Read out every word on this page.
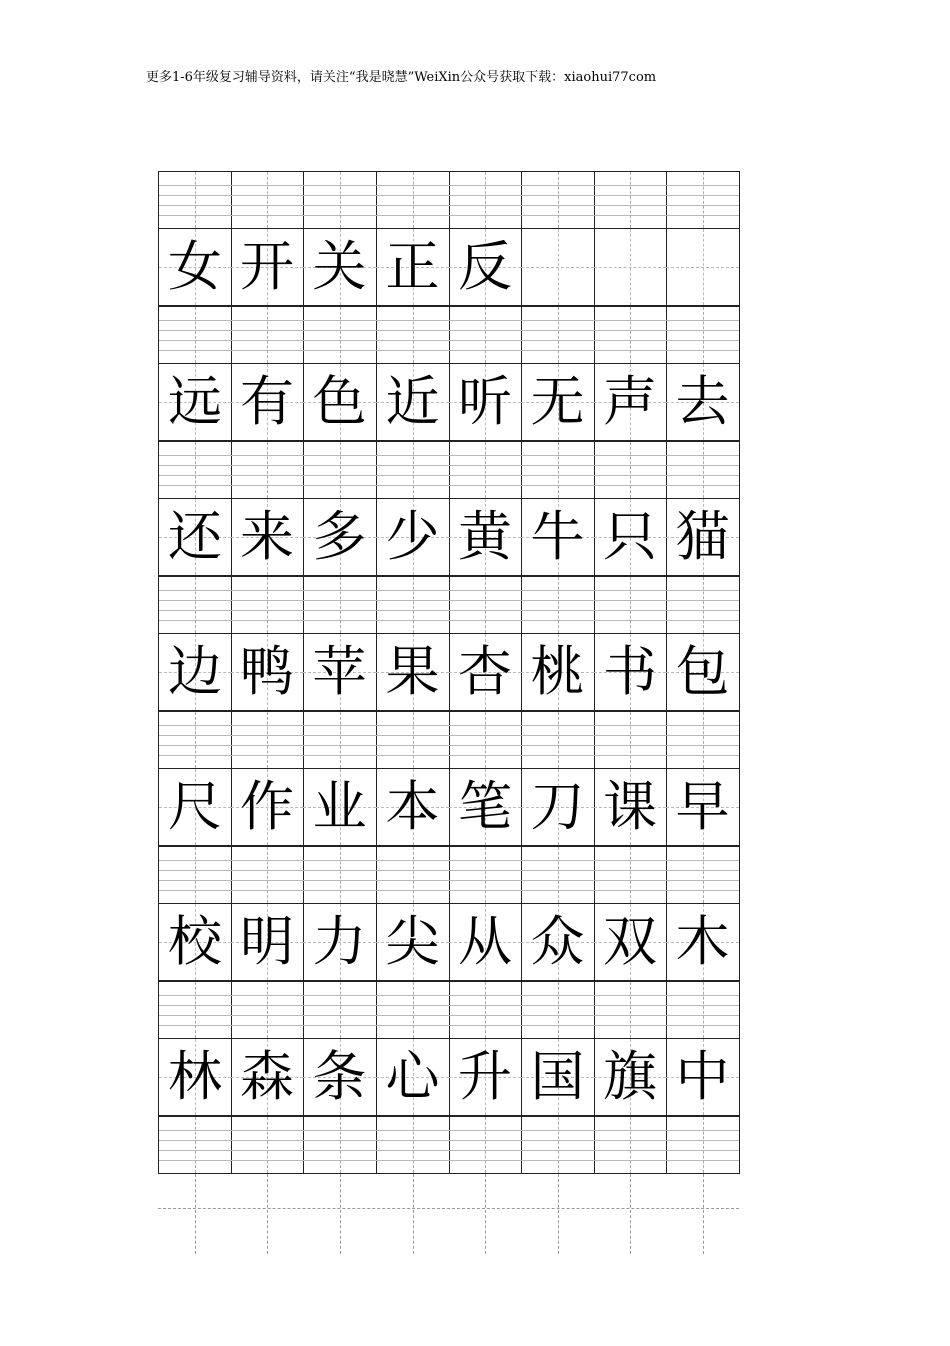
更多1-6年级复习辅导资料，请关注“我是晓慧”WeiXin公众号获取下载：xiaohui77com
女 开 关 正 反
远 有 色 近 听 无 声 去
还 来 多 少 黄 牛 只 猫
边 鸭 苹 果 杏 桃 书 包
尺 作 业 本 笔 刀 课 早
校 明 力 尖 从 众 双 木
林 森 条 心 升 国 旗 中
